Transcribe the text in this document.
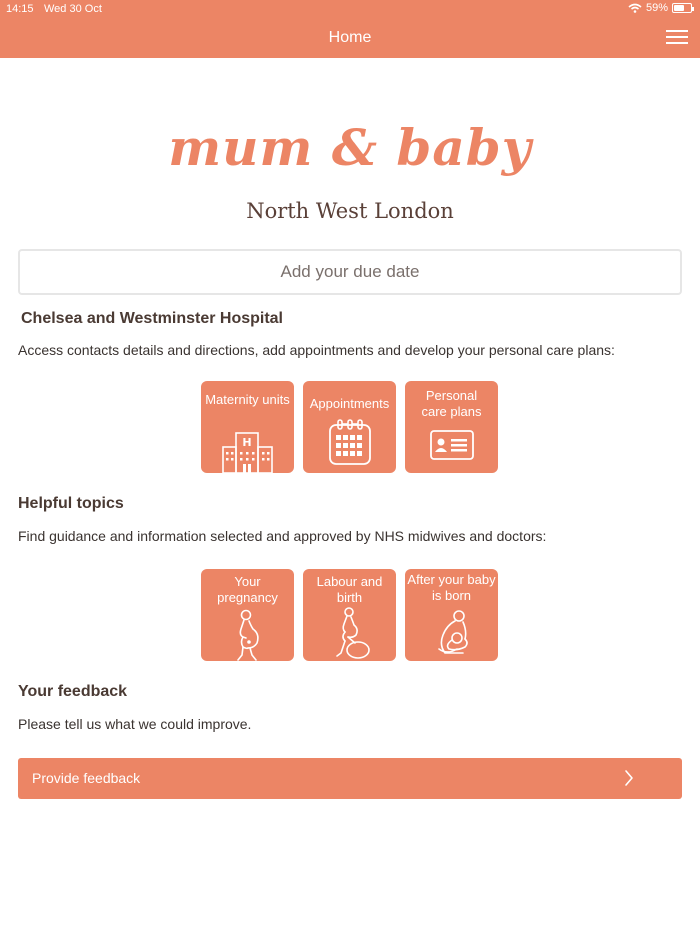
14:15 Wed 30 Oct	59%
Home
mum & baby
North West London
Add your due date
Chelsea and Westminster Hospital
Access contacts details and directions, add appointments and develop your personal care plans:
Maternity units
H
Appointments
Personal care plans
Helpful topics
Find guidance and information selected and approved by NHS midwives and doctors:
Your pregnancy
Labour and birth
After your baby is born
Your feedback
Please tell us what we could improve.
Provide feedback
